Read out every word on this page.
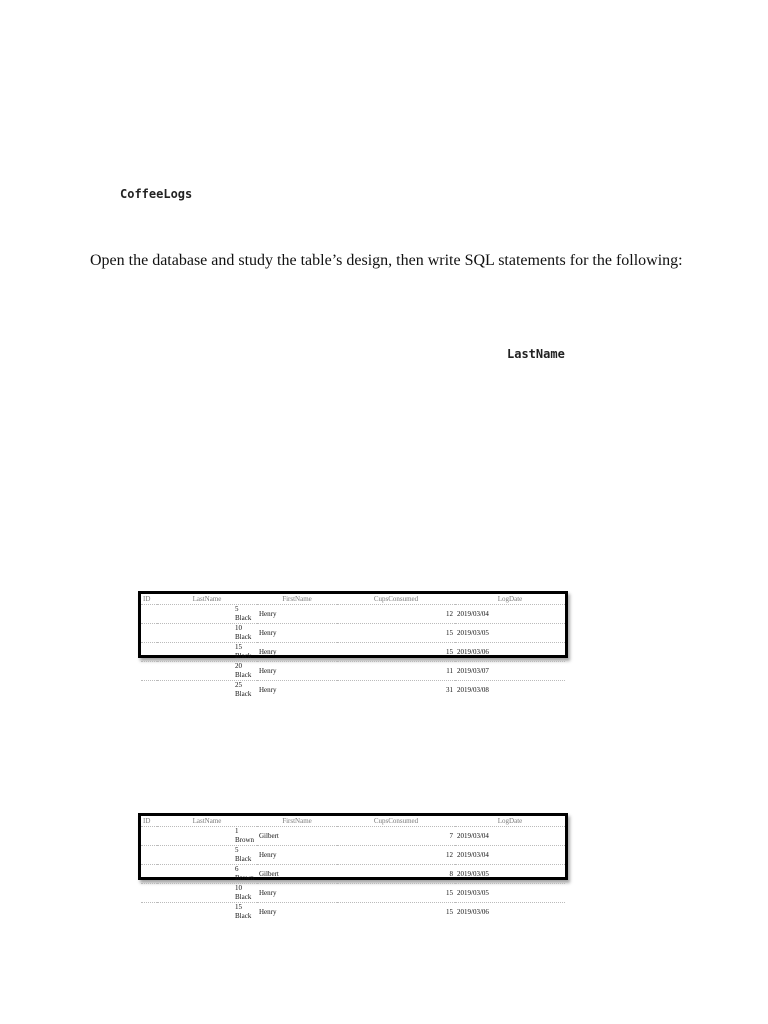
CoffeeLogs
Open the database and study the table’s design, then write SQL statements for the following:
LastName
ID	LastName	FirstName	CupsConsumed	LogDate
	5 Black	Henry	12	2019/03/04
	10 Black	Henry	15	2019/03/05
	15 Black	Henry	15	2019/03/06
	20 Black	Henry	11	2019/03/07
	25 Black	Henry	31	2019/03/08
ID	LastName	FirstName	CupsConsumed	LogDate
	1 Brown	Gilbert	7	2019/03/04
	5 Black	Henry	12	2019/03/04
	6 Brown	Gilbert	8	2019/03/05
	10 Black	Henry	15	2019/03/05
	15 Black	Henry	15	2019/03/06
